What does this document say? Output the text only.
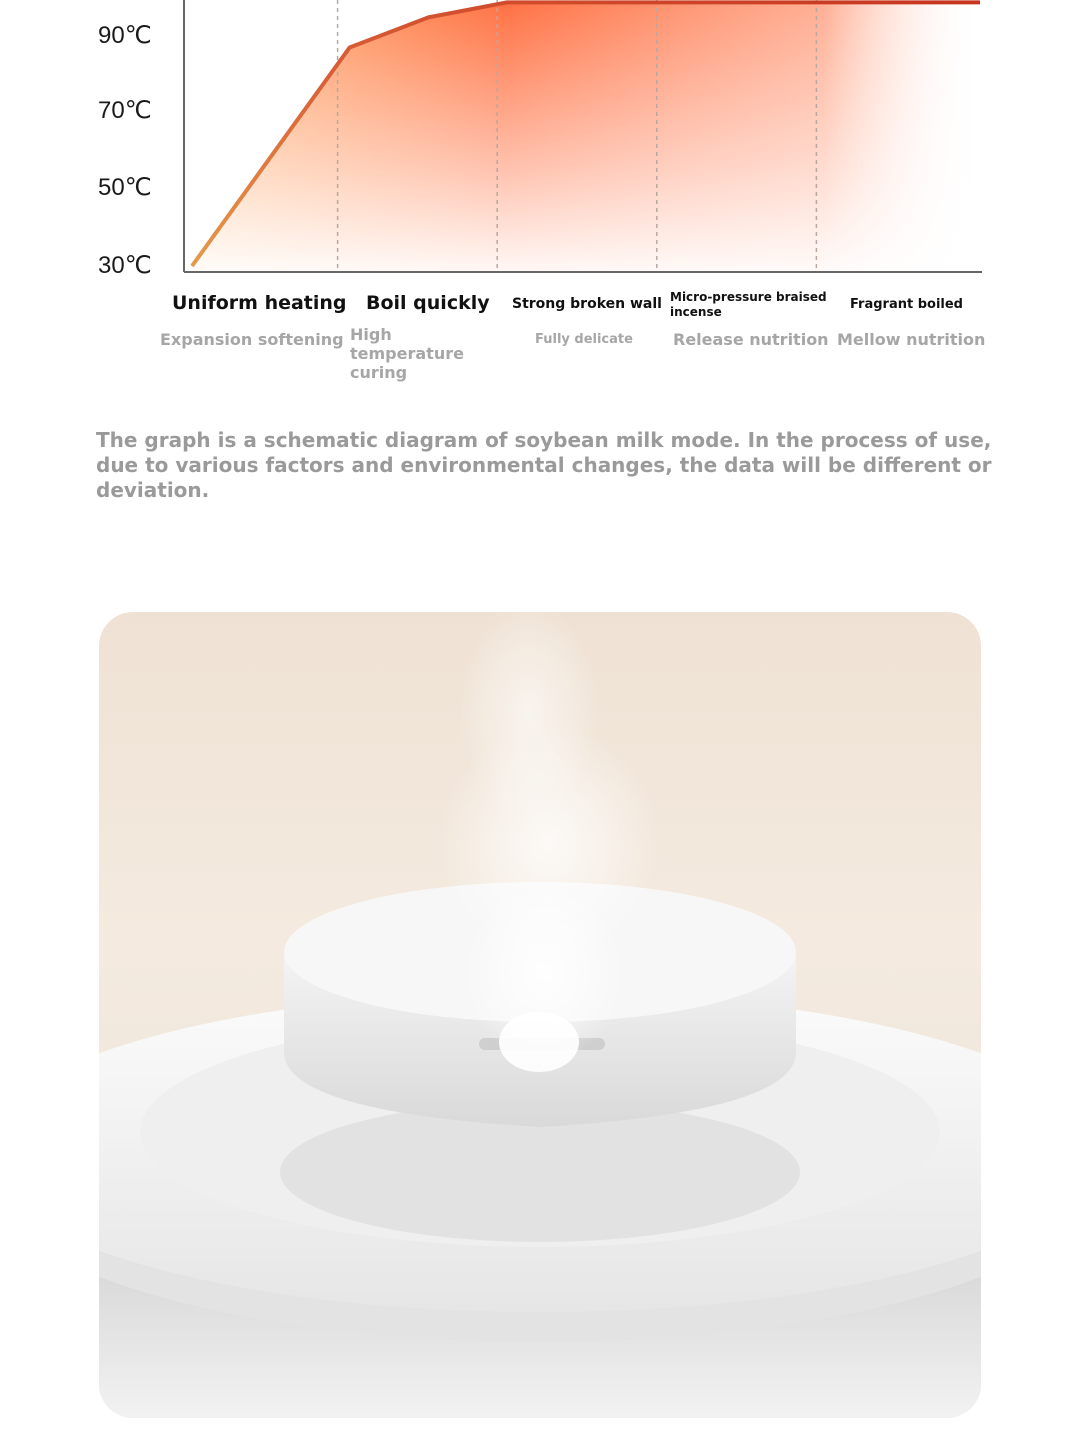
30℃
50℃
70℃
90℃
Uniform heating Boil quickly Strong broken wall Micro-pressure braised incense	Fragrant boiled
Expansion softening High temperature curing
Fully delicate	Release nutrition Mellow nutrition
The graph is a schematic diagram of soybean milk mode. In the process of use, due to various factors and environmental changes, the data will be different or deviation.
